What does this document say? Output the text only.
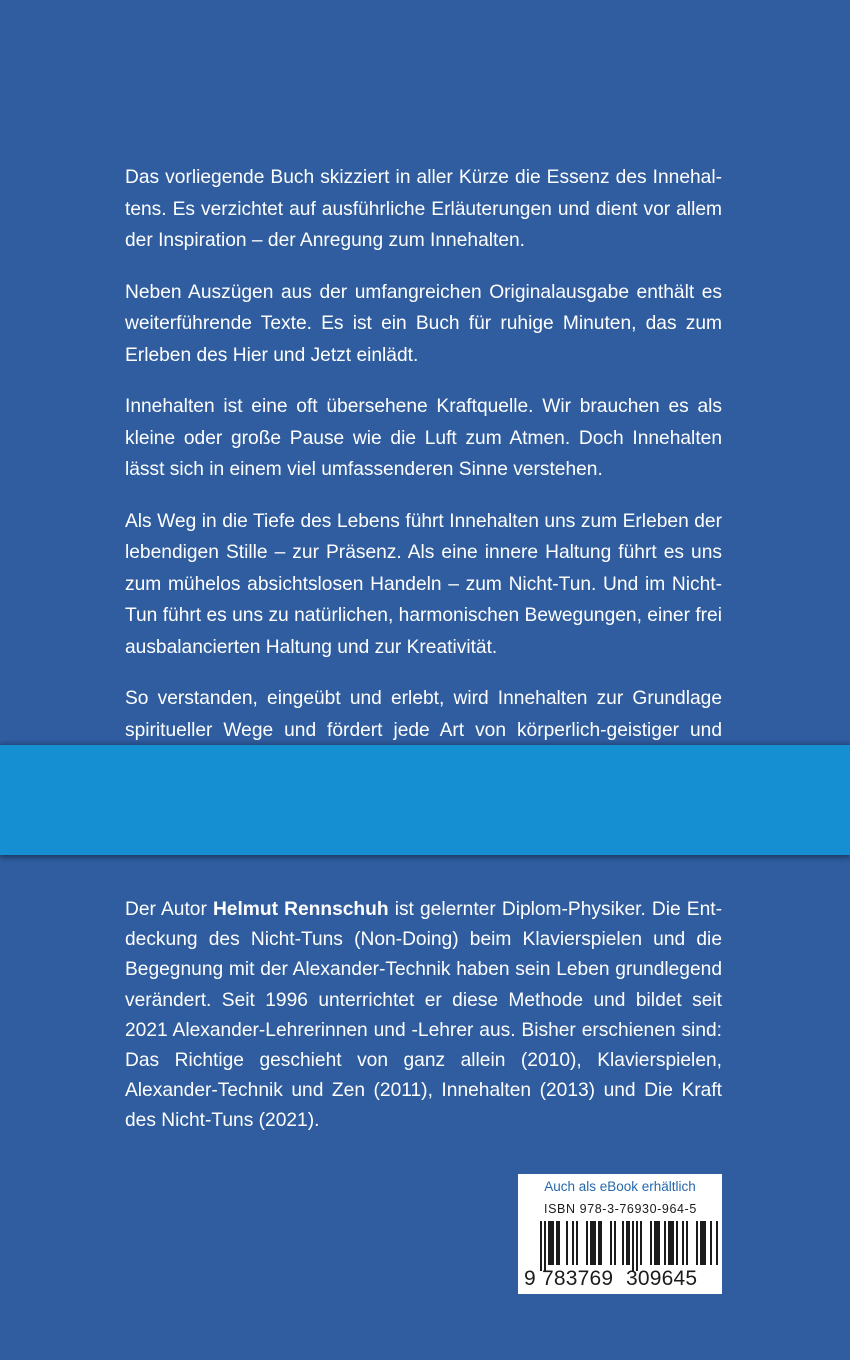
Das vorliegende Buch skizziert in aller Kürze die Essenz des Innehaltens. Es verzichtet auf ausführliche Erläuterungen und dient vor allem der Inspiration – der Anregung zum Innehalten.

Neben Auszügen aus der umfangreichen Originalausgabe enthält es weiterführende Texte. Es ist ein Buch für ruhige Minuten, das zum Erleben des Hier und Jetzt einlädt.

Innehalten ist eine oft übersehene Kraftquelle. Wir brauchen es als kleine oder große Pause wie die Luft zum Atmen. Doch Innehalten lässt sich in einem viel umfassenderen Sinne verstehen.

Als Weg in die Tiefe des Lebens führt Innehalten uns zum Erleben der lebendigen Stille – zur Präsenz. Als eine innere Haltung führt es uns zum mühelos absichtslosen Handeln – zum Nicht-Tun. Und im Nicht-Tun führt es uns zu natürlichen, harmonischen Bewegungen, einer frei ausbalancierten Haltung und zur Kreativität.

So verstanden, eingeübt und erlebt, wird Innehalten zur Grundlage spiritueller Wege und fördert jede Art von körperlich-geistiger und

Der Autor Helmut Rennschuh ist gelernter Diplom-Physiker. Die Entdeckung des Nicht-Tuns (Non-Doing) beim Klavierspielen und die Begegnung mit der Alexander-Technik haben sein Leben grundlegend verändert. Seit 1996 unterrichtet er diese Methode und bildet seit 2021 Alexander-Lehrerinnen und -Lehrer aus. Bisher erschienen sind: Das Richtige geschieht von ganz allein (2010), Klavierspielen, Alexander-Technik und Zen (2011), Innehalten (2013) und Die Kraft des Nicht-Tuns (2021).

Auch als eBook erhältlich
ISBN 978-3-76930-964-5
9 783769 309645
